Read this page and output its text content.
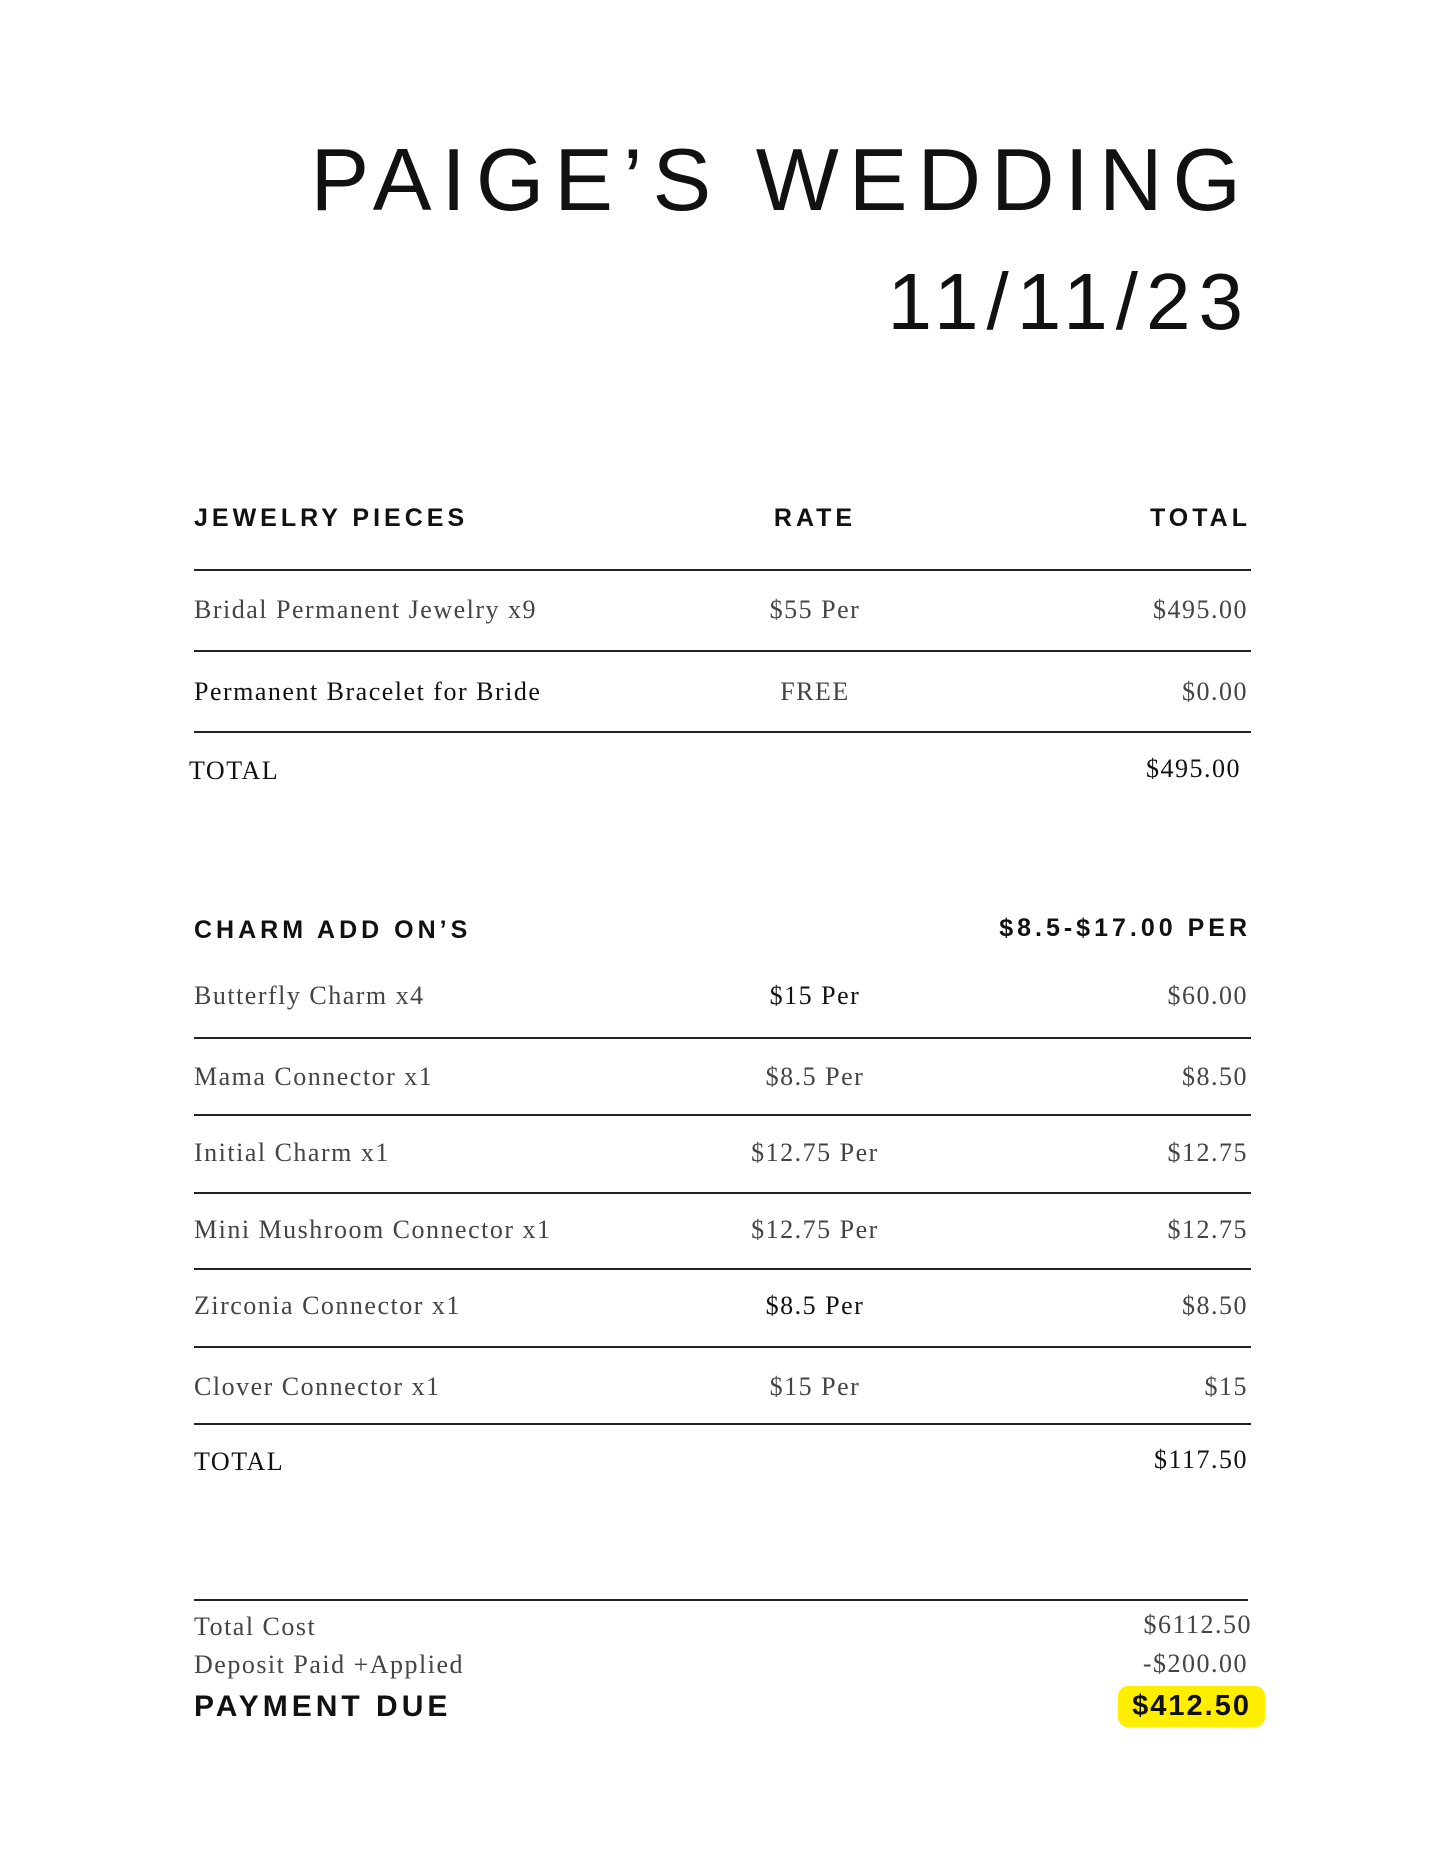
PAIGE’S WEDDING
11/11/23
JEWELRY PIECES	RATE	TOTAL
Bridal Permanent Jewelry x9	$55 Per	$495.00
Permanent Bracelet for Bride	FREE	$0.00
TOTAL	$495.00
CHARM ADD ON’S	$8.5-$17.00 PER
Butterfly Charm x4	$15 Per	$60.00
Mama Connector x1	$8.5 Per	$8.50
Initial Charm x1	$12.75 Per	$12.75
Mini Mushroom Connector x1	$12.75 Per	$12.75
Zirconia Connector x1	$8.5 Per	$8.50
Clover Connector x1	$15 Per	$15
TOTAL	$117.50
Total Cost	$6112.50
Deposit Paid +Applied	-$200.00
PAYMENT DUE	$412.50
